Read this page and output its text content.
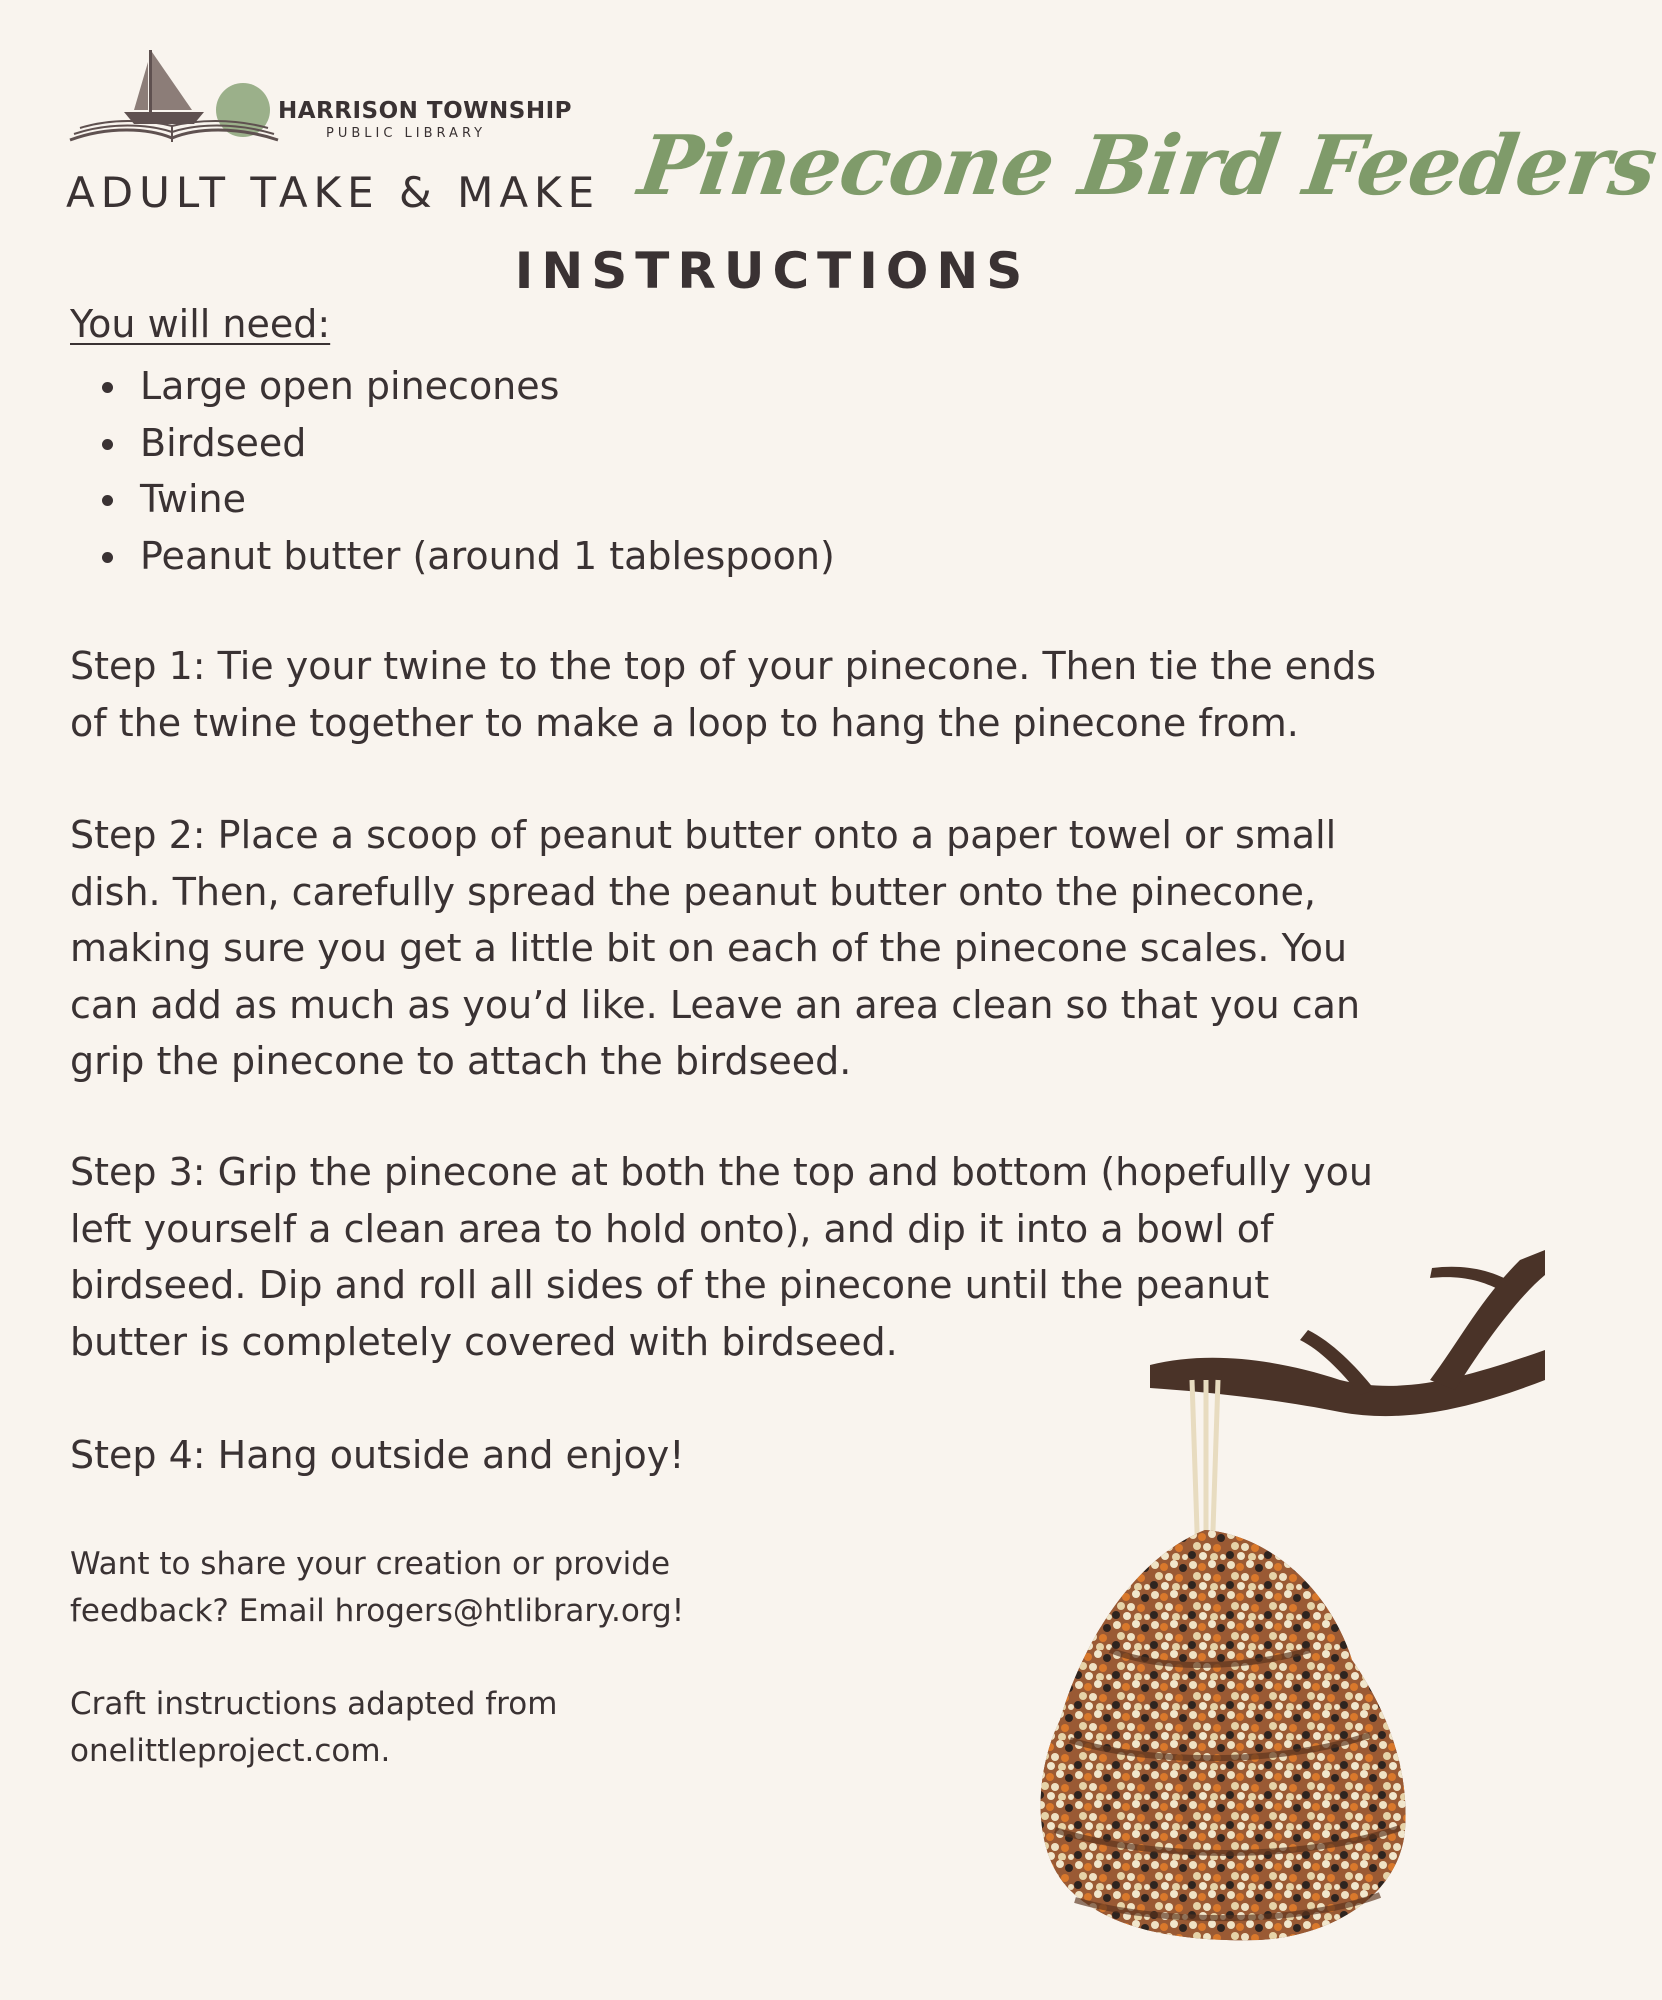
HARRISON TOWNSHIP
PUBLIC LIBRARY
ADULT TAKE & MAKE Pinecone Bird Feeders
INSTRUCTIONS
You will need:
Large open pinecones
Birdseed
Twine
Peanut butter (around 1 tablespoon)

Step 1: Tie your twine to the top of your pinecone. Then tie the ends
of the twine together to make a loop to hang the pinecone from.

Step 2: Place a scoop of peanut butter onto a paper towel or small
dish. Then, carefully spread the peanut butter onto the pinecone,
making sure you get a little bit on each of the pinecone scales. You
can add as much as you’d like. Leave an area clean so that you can
grip the pinecone to attach the birdseed.

Step 3: Grip the pinecone at both the top and bottom (hopefully you
left yourself a clean area to hold onto), and dip it into a bowl of
birdseed. Dip and roll all sides of the pinecone until the peanut
butter is completely covered with birdseed.

Step 4: Hang outside and enjoy!

Want to share your creation or provide
feedback? Email hrogers@htlibrary.org!

Craft instructions adapted from
onelittleproject.com.
